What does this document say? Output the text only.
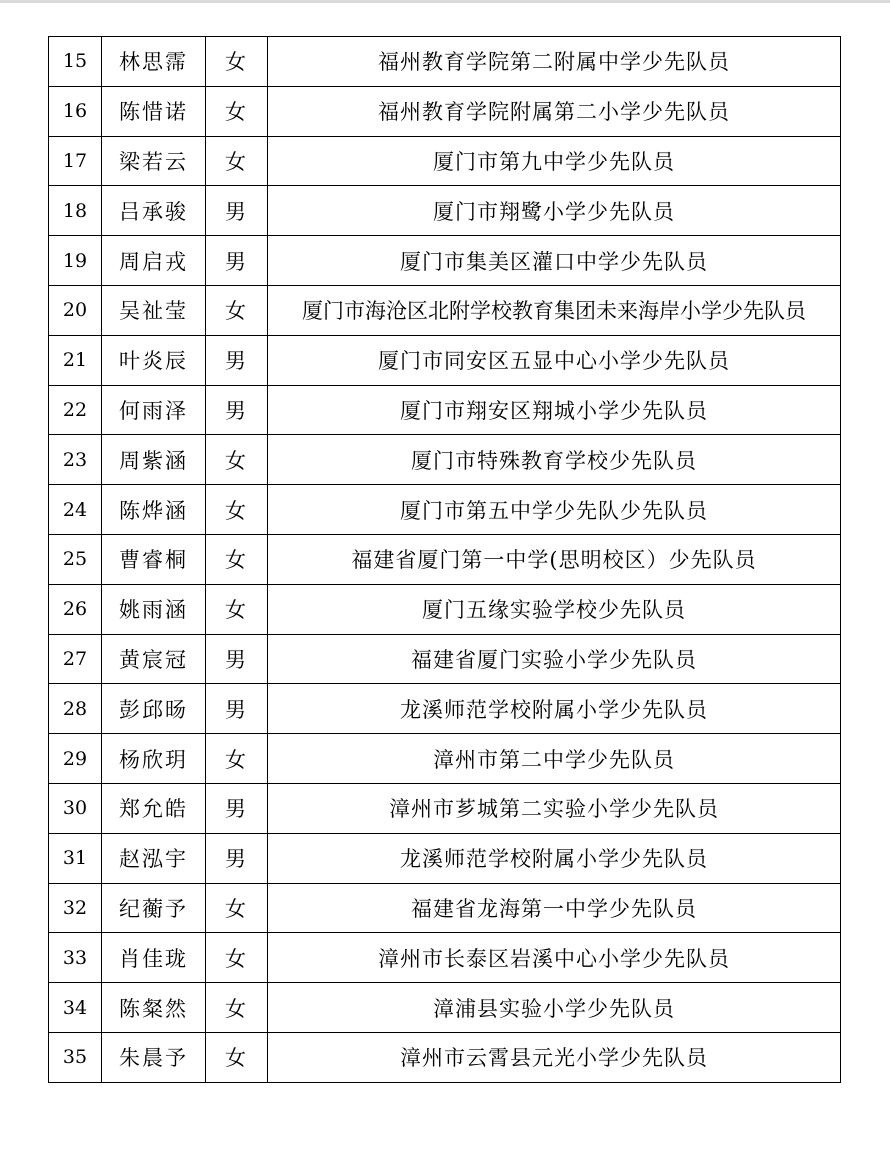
15	林思霈	女	福州教育学院第二附属中学少先队员
16	陈惜诺	女	福州教育学院附属第二小学少先队员
17	梁若云	女	厦门市第九中学少先队员
18	吕承骏	男	厦门市翔鹭小学少先队员
19	周启戎	男	厦门市集美区灌口中学少先队员
20	吴祉莹	女	厦门市海沧区北附学校教育集团未来海岸小学少先队员
21	叶炎辰	男	厦门市同安区五显中心小学少先队员
22	何雨泽	男	厦门市翔安区翔城小学少先队员
23	周紫涵	女	厦门市特殊教育学校少先队员
24	陈烨涵	女	厦门市第五中学少先队少先队员
25	曹睿桐	女	福建省厦门第一中学(思明校区）少先队员
26	姚雨涵	女	厦门五缘实验学校少先队员
27	黄宸冠	男	福建省厦门实验小学少先队员
28	彭邱旸	男	龙溪师范学校附属小学少先队员
29	杨欣玥	女	漳州市第二中学少先队员
30	郑允皓	男	漳州市芗城第二实验小学少先队员
31	赵泓宇	男	龙溪师范学校附属小学少先队员
32	纪蘅予	女	福建省龙海第一中学少先队员
33	肖佳珑	女	漳州市长泰区岩溪中心小学少先队员
34	陈粲然	女	漳浦县实验小学少先队员
35	朱晨予	女	漳州市云霄县元光小学少先队员
